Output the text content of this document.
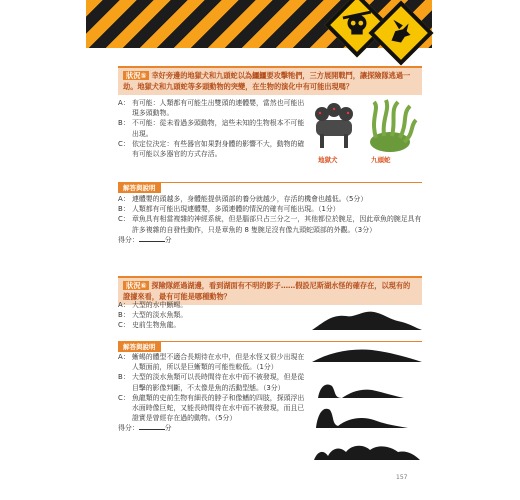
狀況⑤ 幸好旁邊的地獄犬和九頭蛇以為鱷鱷要攻擊牠們，三方展開戰鬥，讓探險隊逃過一劫。地獄犬和九頭蛇等多頭動物的突變，在生物的演化中有可能出現嗎？
A： 有可能：人類都有可能生出雙頭的連體嬰，當然也可能出現多頭動物。
B： 不可能：從未看過多頭動物，這些未知的生物根本不可能出現。
C： 依定位決定：有些器官如果對身體的影響不大，動物的確有可能以多器官的方式存活。
地獄犬	九頭蛇
解答與說明
A： 連體嬰的頭越多，身體能提供頭部的養分就越少，存活的機會也越低。（5分）
B： 人類都有可能出現連體嬰，多頭連體的情況的確有可能出現。（1分）
C： 章魚具有相當複雜的神經系統，但是腦部只占三分之一，其他都位於腕足，因此章魚的腕足具有許多複雜的自發性動作，只是章魚的 8 隻腕足沒有像九頭蛇頭部的外觀。（3分）
得分：	分
狀況⑥ 探險隊經過湖邊，看到湖面有不明的影子……假設尼斯湖水怪的確存在，以現有的證據來看，最有可能是哪種動物？
A： 大型的水中蜥蜴。
B： 大型的淡水魚類。
C： 史前生物魚龍。
解答與說明
A： 蜥蜴的體型不適合長期待在水中，但是水怪又很少出現在人類面前，所以是巨蜥類的可能性較低。（1分）
B： 大型的淡水魚類可以長時間待在水中而不被發現，但是從目擊的影像判斷，不太像是魚的活動型態。（3分）
C： 魚龍類的史前生物有細長的脖子和像鰭的四肢，探頭浮出水面時像巨蛇，又能長時間待在水中而不被發現，而且已證實是曾經存在過的動物。（5分）
得分：	分
157
